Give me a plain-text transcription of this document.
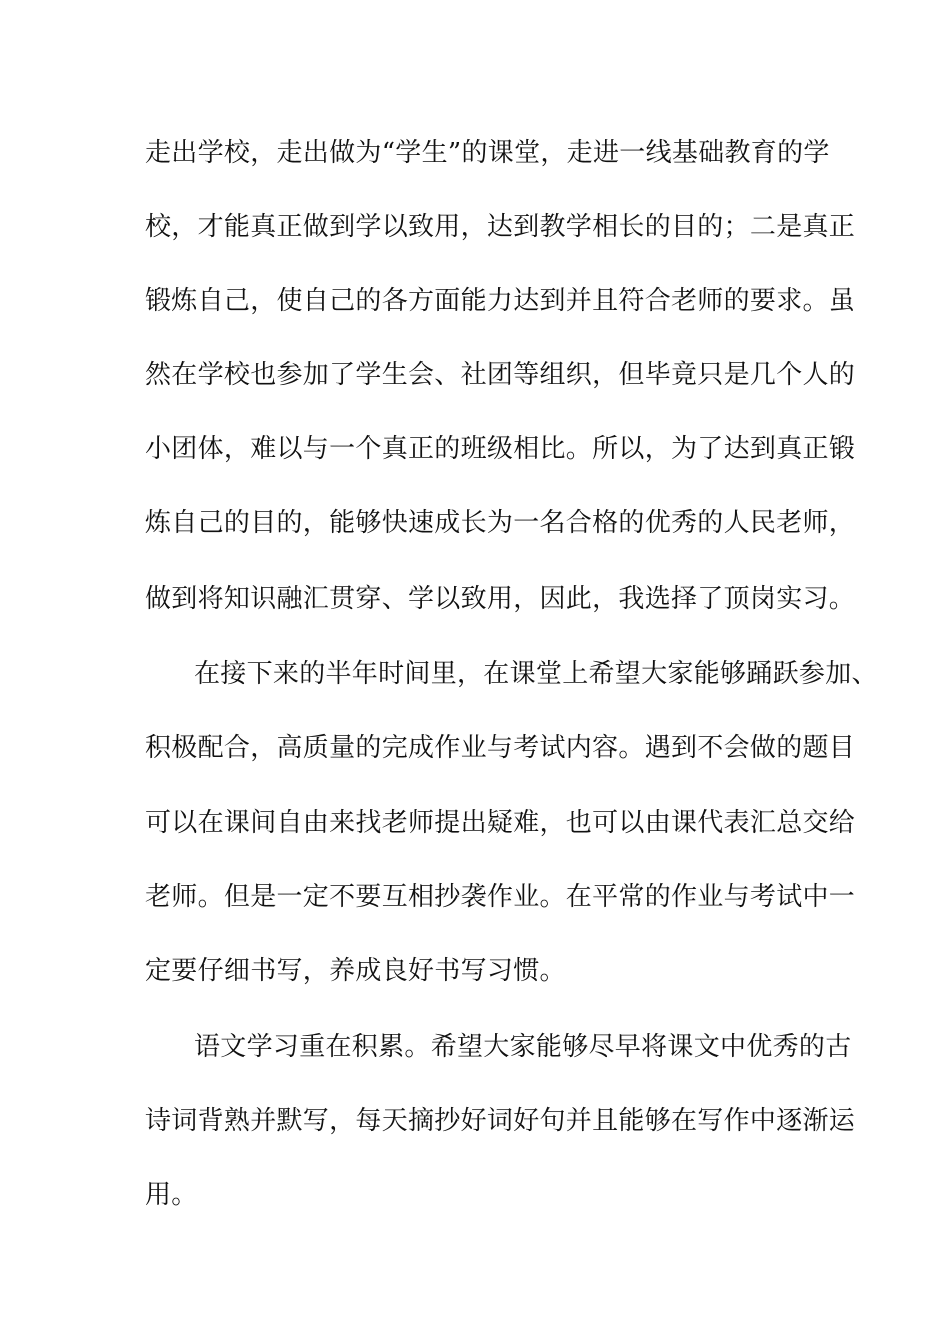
走出学校，走出做为“学生”的课堂，走进一线基础教育的学
校，才能真正做到学以致用，达到教学相长的目的；二是真正
锻炼自己，使自己的各方面能力达到并且符合老师的要求。虽
然在学校也参加了学生会、社团等组织，但毕竟只是几个人的
小团体，难以与一个真正的班级相比。所以，为了达到真正锻
炼自己的目的，能够快速成长为一名合格的优秀的人民老师，
做到将知识融汇贯穿、学以致用，因此，我选择了顶岗实习。
在接下来的半年时间里，在课堂上希望大家能够踊跃参加、
积极配合，高质量的完成作业与考试内容。遇到不会做的题目
可以在课间自由来找老师提出疑难，也可以由课代表汇总交给
老师。但是一定不要互相抄袭作业。在平常的作业与考试中一
定要仔细书写，养成良好书写习惯。
语文学习重在积累。希望大家能够尽早将课文中优秀的古
诗词背熟并默写，每天摘抄好词好句并且能够在写作中逐渐运
用。
